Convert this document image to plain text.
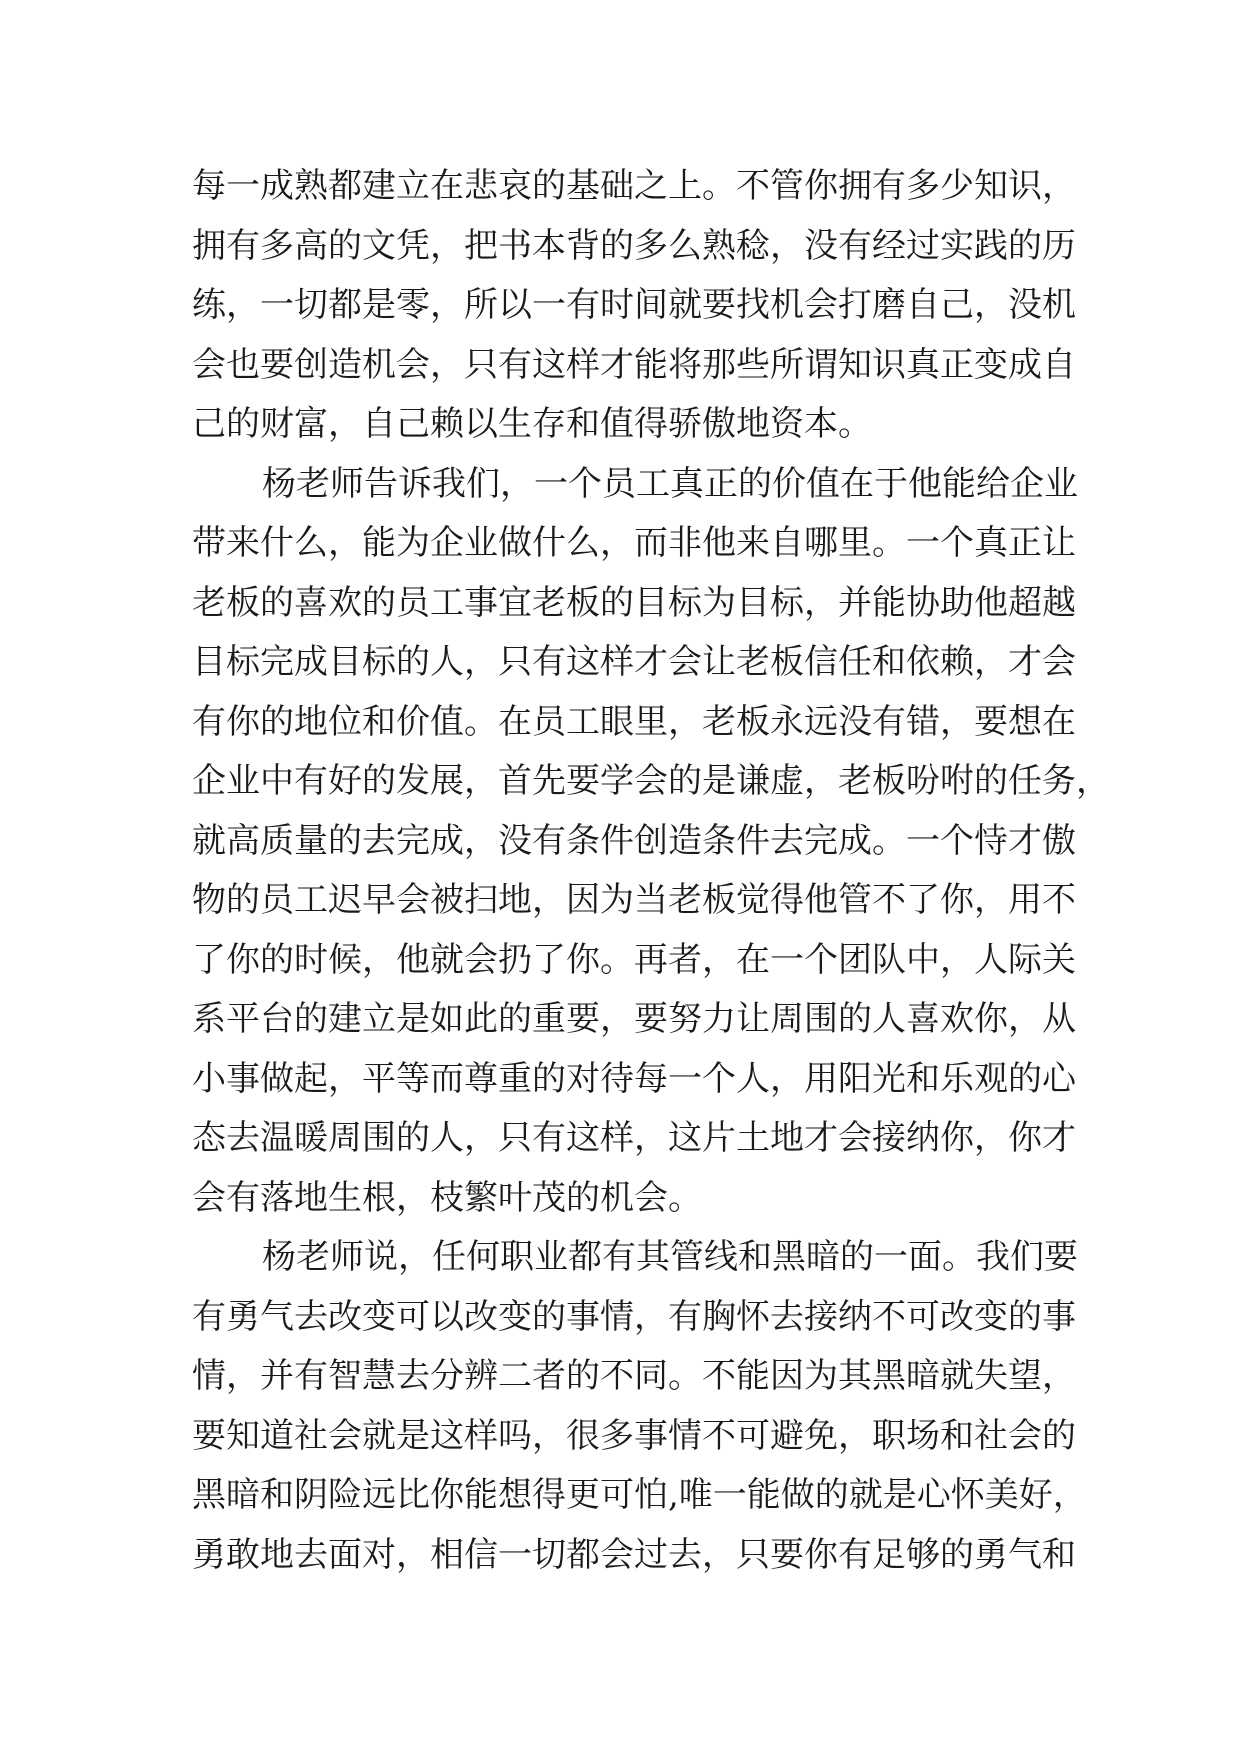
每一成熟都建立在悲哀的基础之上。不管你拥有多少知识，
拥有多高的文凭，把书本背的多么熟稔，没有经过实践的历
练，一切都是零，所以一有时间就要找机会打磨自己，没机
会也要创造机会，只有这样才能将那些所谓知识真正变成自
己的财富，自己赖以生存和值得骄傲地资本。
杨老师告诉我们，一个员工真正的价值在于他能给企业
带来什么，能为企业做什么，而非他来自哪里。一个真正让
老板的喜欢的员工事宜老板的目标为目标，并能协助他超越
目标完成目标的人，只有这样才会让老板信任和依赖，才会
有你的地位和价值。在员工眼里，老板永远没有错，要想在
企业中有好的发展，首先要学会的是谦虚，老板吩咐的任务，
就高质量的去完成，没有条件创造条件去完成。一个恃才傲
物的员工迟早会被扫地，因为当老板觉得他管不了你，用不
了你的时候，他就会扔了你。再者，在一个团队中，人际关
系平台的建立是如此的重要，要努力让周围的人喜欢你，从
小事做起，平等而尊重的对待每一个人，用阳光和乐观的心
态去温暖周围的人，只有这样，这片土地才会接纳你，你才
会有落地生根，枝繁叶茂的机会。
杨老师说，任何职业都有其管线和黑暗的一面。我们要
有勇气去改变可以改变的事情，有胸怀去接纳不可改变的事
情，并有智慧去分辨二者的不同。不能因为其黑暗就失望，
要知道社会就是这样吗，很多事情不可避免，职场和社会的
黑暗和阴险远比你能想得更可怕,唯一能做的就是心怀美好，
勇敢地去面对，相信一切都会过去，只要你有足够的勇气和
